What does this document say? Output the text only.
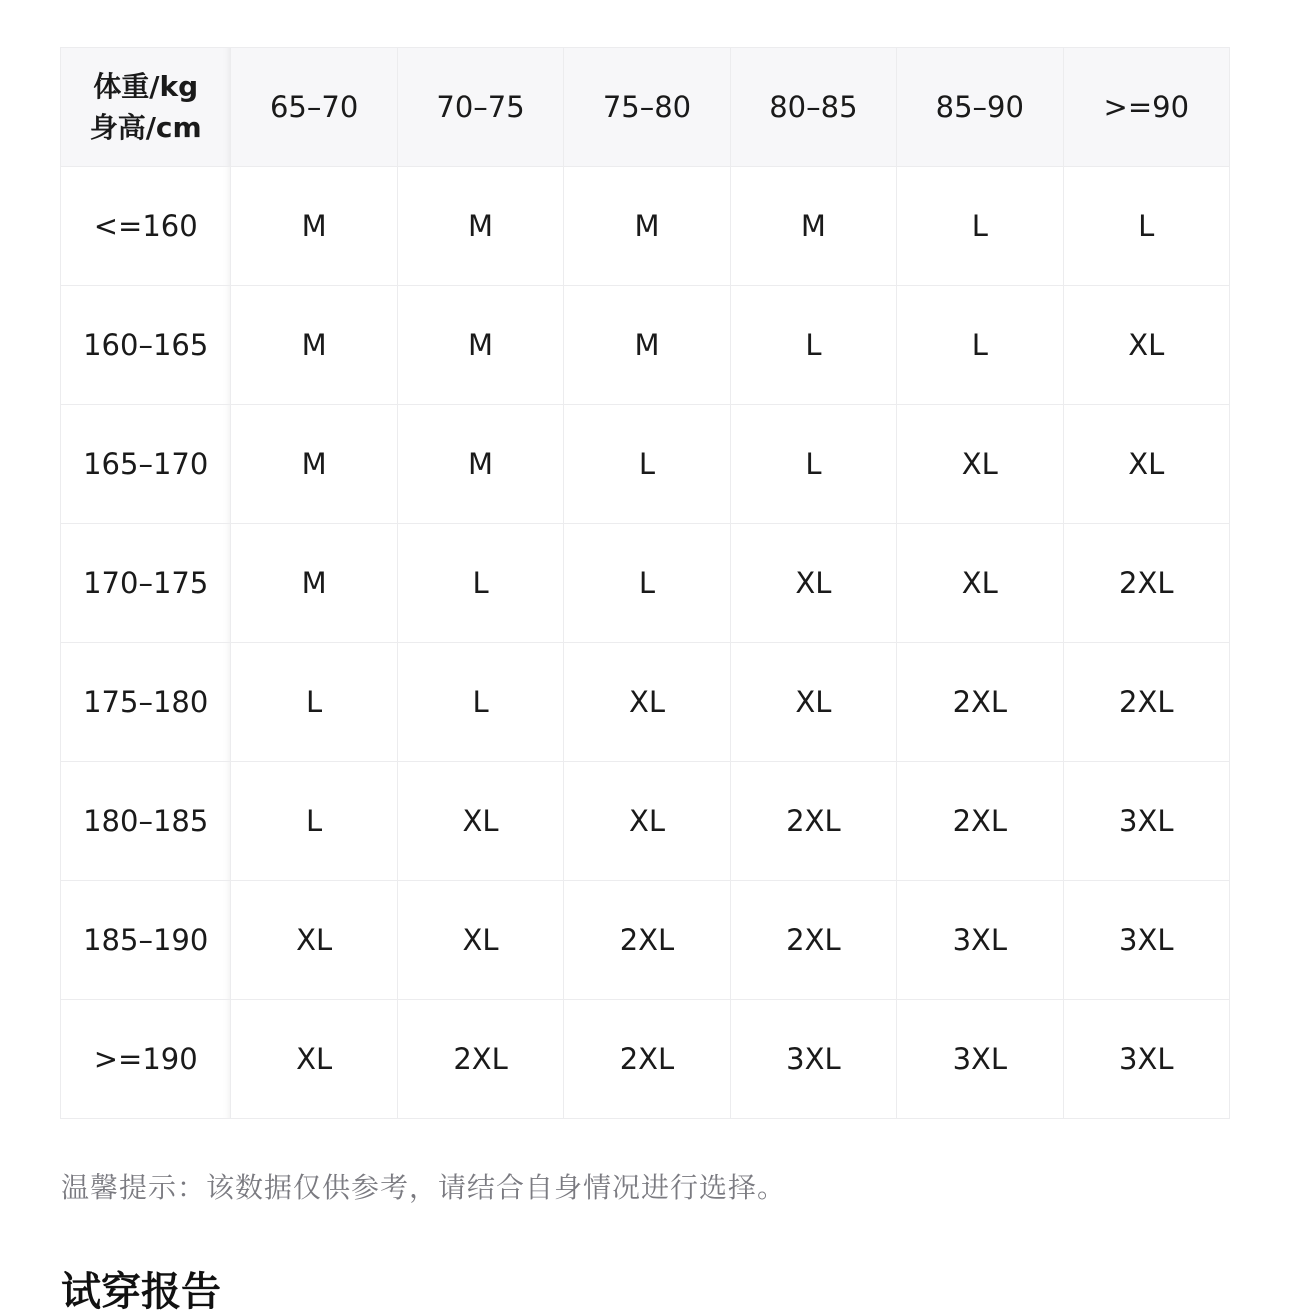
体重/kg
身高/cm	65–70	70–75	75–80	80–85	85–90	>=90
<=160	M	M	M	M	L	L
160–165	M	M	M	L	L	XL
165–170	M	M	L	L	XL	XL
170–175	M	L	L	XL	XL	2XL
175–180	L	L	XL	XL	2XL	2XL
180–185	L	XL	XL	2XL	2XL	3XL
185–190	XL	XL	2XL	2XL	3XL	3XL
>=190	XL	2XL	2XL	3XL	3XL	3XL
温馨提示：该数据仅供参考，请结合自身情况进行选择。
试穿报告
